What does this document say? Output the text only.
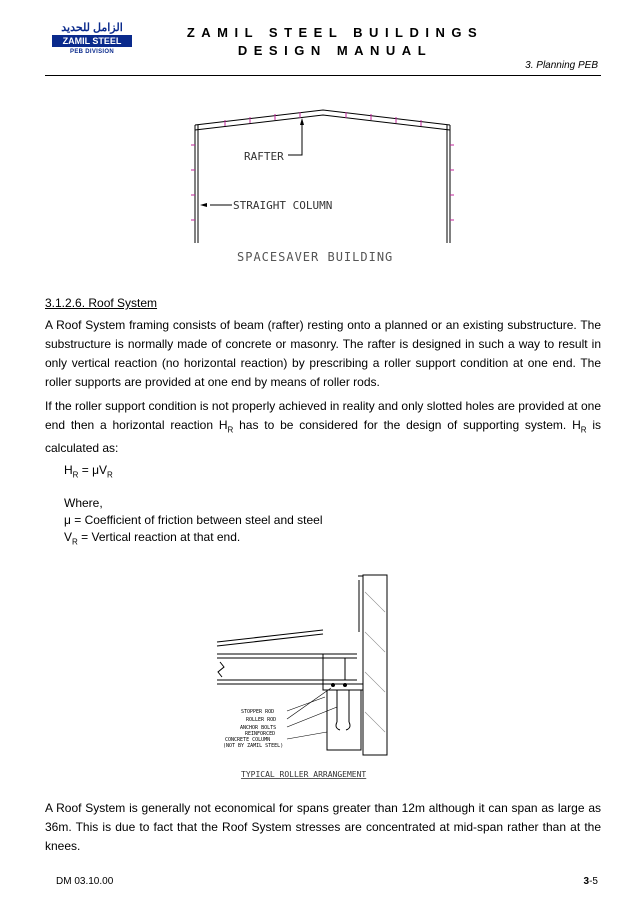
الزامل للحديد
ZAMIL STEEL
PEB DIVISION
ZAMIL STEEL BUILDINGS
DESIGN MANUAL
3. Planning PEB
RAFTER
STRAIGHT COLUMN
SPACESAVER BUILDING
3.1.2.6. Roof System
A Roof System framing consists of beam (rafter) resting onto a planned or an existing substructure. The substructure is normally made of concrete or masonry. The rafter is designed in such a way to result in only vertical reaction (no horizontal reaction) by prescribing a roller support condition at one end. The roller supports are provided at one end by means of roller rods.
If the roller support condition is not properly achieved in reality and only slotted holes are provided at one end then a horizontal reaction $H_R$ has to be considered for the design of supporting system. $H_R$ is calculated as:
$H_R = \mu V_R$
Where,
μ = Coefficient of friction between steel and steel
$V_R$ = Vertical reaction at that end.
STOPPER ROD
ROLLER ROD
ANCHOR BOLTS
REINFORCED
CONCRETE COLUMN
(NOT BY ZAMIL STEEL)
TYPICAL ROLLER ARRANGEMENT
A Roof System is generally not economical for spans greater than 12m although it can span as large as 36m. This is due to fact that the Roof System stresses are concentrated at mid-span rather than at the knees.
DM 03.10.00	3-5
